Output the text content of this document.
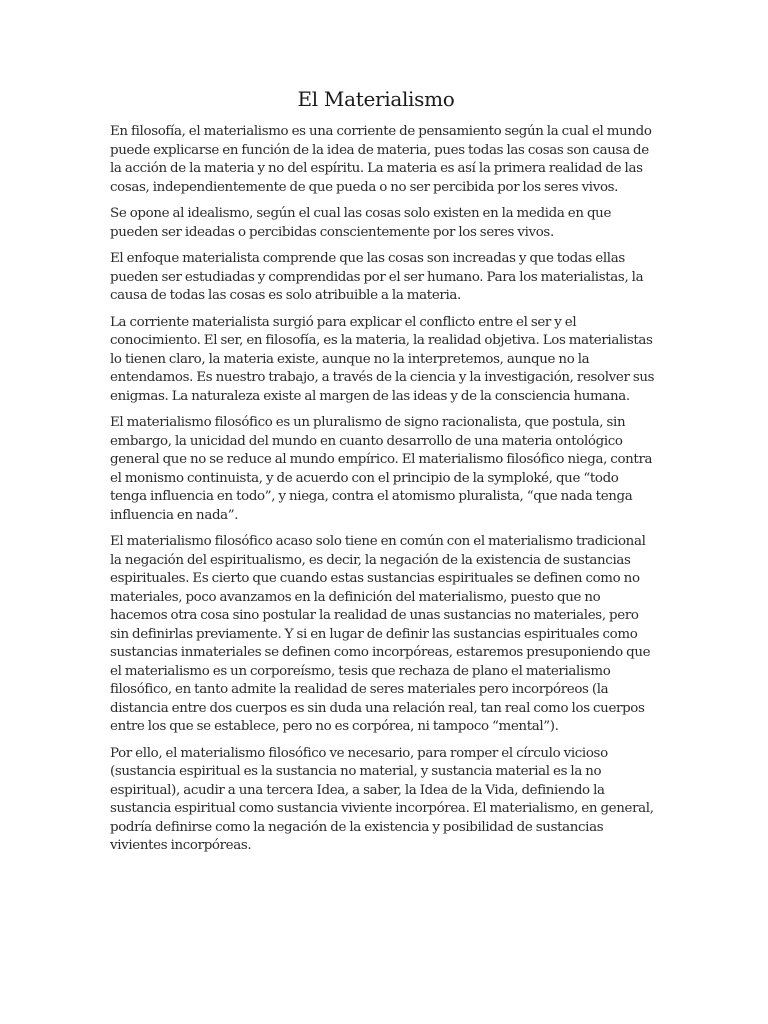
El Materialismo

En filosofía, el materialismo es una corriente de pensamiento según la cual el mundo puede explicarse en función de la idea de materia, pues todas las cosas son causa de la acción de la materia y no del espíritu. La materia es así la primera realidad de las cosas, independientemente de que pueda o no ser percibida por los seres vivos.

Se opone al idealismo, según el cual las cosas solo existen en la medida en que pueden ser ideadas o percibidas conscientemente por los seres vivos.

El enfoque materialista comprende que las cosas son increadas y que todas ellas pueden ser estudiadas y comprendidas por el ser humano. Para los materialistas, la causa de todas las cosas es solo atribuible a la materia.

La corriente materialista surgió para explicar el conflicto entre el ser y el conocimiento. El ser, en filosofía, es la materia, la realidad objetiva. Los materialistas lo tienen claro, la materia existe, aunque no la interpretemos, aunque no la entendamos. Es nuestro trabajo, a través de la ciencia y la investigación, resolver sus enigmas. La naturaleza existe al margen de las ideas y de la consciencia humana.

El materialismo filosófico es un pluralismo de signo racionalista, que postula, sin embargo, la unicidad del mundo en cuanto desarrollo de una materia ontológico general que no se reduce al mundo empírico. El materialismo filosófico niega, contra el monismo continuista, y de acuerdo con el principio de la symploké, que “todo tenga influencia en todo”, y niega, contra el atomismo pluralista, “que nada tenga influencia en nada”.

El materialismo filosófico acaso solo tiene en común con el materialismo tradicional la negación del espiritualismo, es decir, la negación de la existencia de sustancias espirituales. Es cierto que cuando estas sustancias espirituales se definen como no materiales, poco avanzamos en la definición del materialismo, puesto que no hacemos otra cosa sino postular la realidad de unas sustancias no materiales, pero sin definirlas previamente. Y si en lugar de definir las sustancias espirituales como sustancias inmateriales se definen como incorpóreas, estaremos presuponiendo que el materialismo es un corporeísmo, tesis que rechaza de plano el materialismo filosófico, en tanto admite la realidad de seres materiales pero incorpóreos (la distancia entre dos cuerpos es sin duda una relación real, tan real como los cuerpos entre los que se establece, pero no es corpórea, ni tampoco “mental”).

Por ello, el materialismo filosófico ve necesario, para romper el círculo vicioso (sustancia espiritual es la sustancia no material, y sustancia material es la no espiritual), acudir a una tercera Idea, a saber, la Idea de la Vida, definiendo la sustancia espiritual como sustancia viviente incorpórea. El materialismo, en general, podría definirse como la negación de la existencia y posibilidad de sustancias vivientes incorpóreas.
